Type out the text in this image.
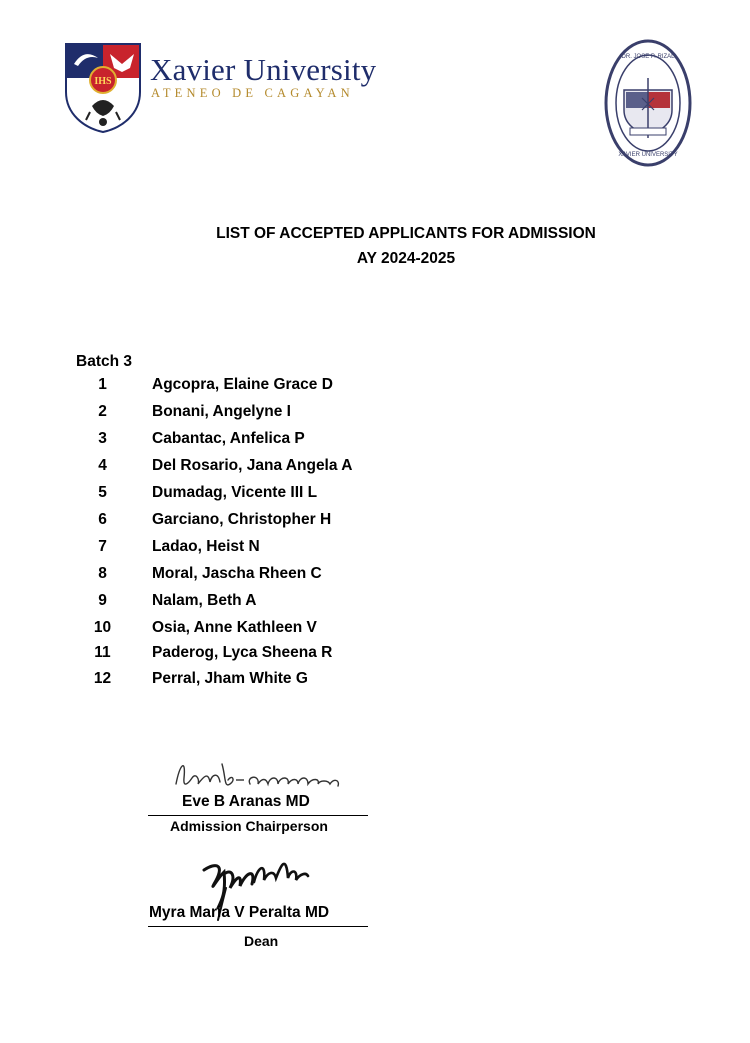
IHS Xavier University
ATENEO DE CAGAYAN
DR. JOSE P. RIZAL
XAVIER UNIVERSITY
LIST OF ACCEPTED APPLICANTS FOR ADMISSION
AY 2024-2025
Batch 3
1	Agcopra, Elaine Grace D
2	Bonani, Angelyne I
3	Cabantac, Anfelica P
4	Del Rosario, Jana Angela A
5	Dumadag, Vicente III L
6	Garciano, Christopher H
7	Ladao, Heist N
8	Moral, Jascha Rheen C
9	Nalam, Beth A
10	Osia, Anne Kathleen V
11	Paderog, Lyca Sheena R
12	Perral, Jham White G
Eve B Aranas MD
Admission Chairperson
Myra Maria V Peralta MD
Dean
